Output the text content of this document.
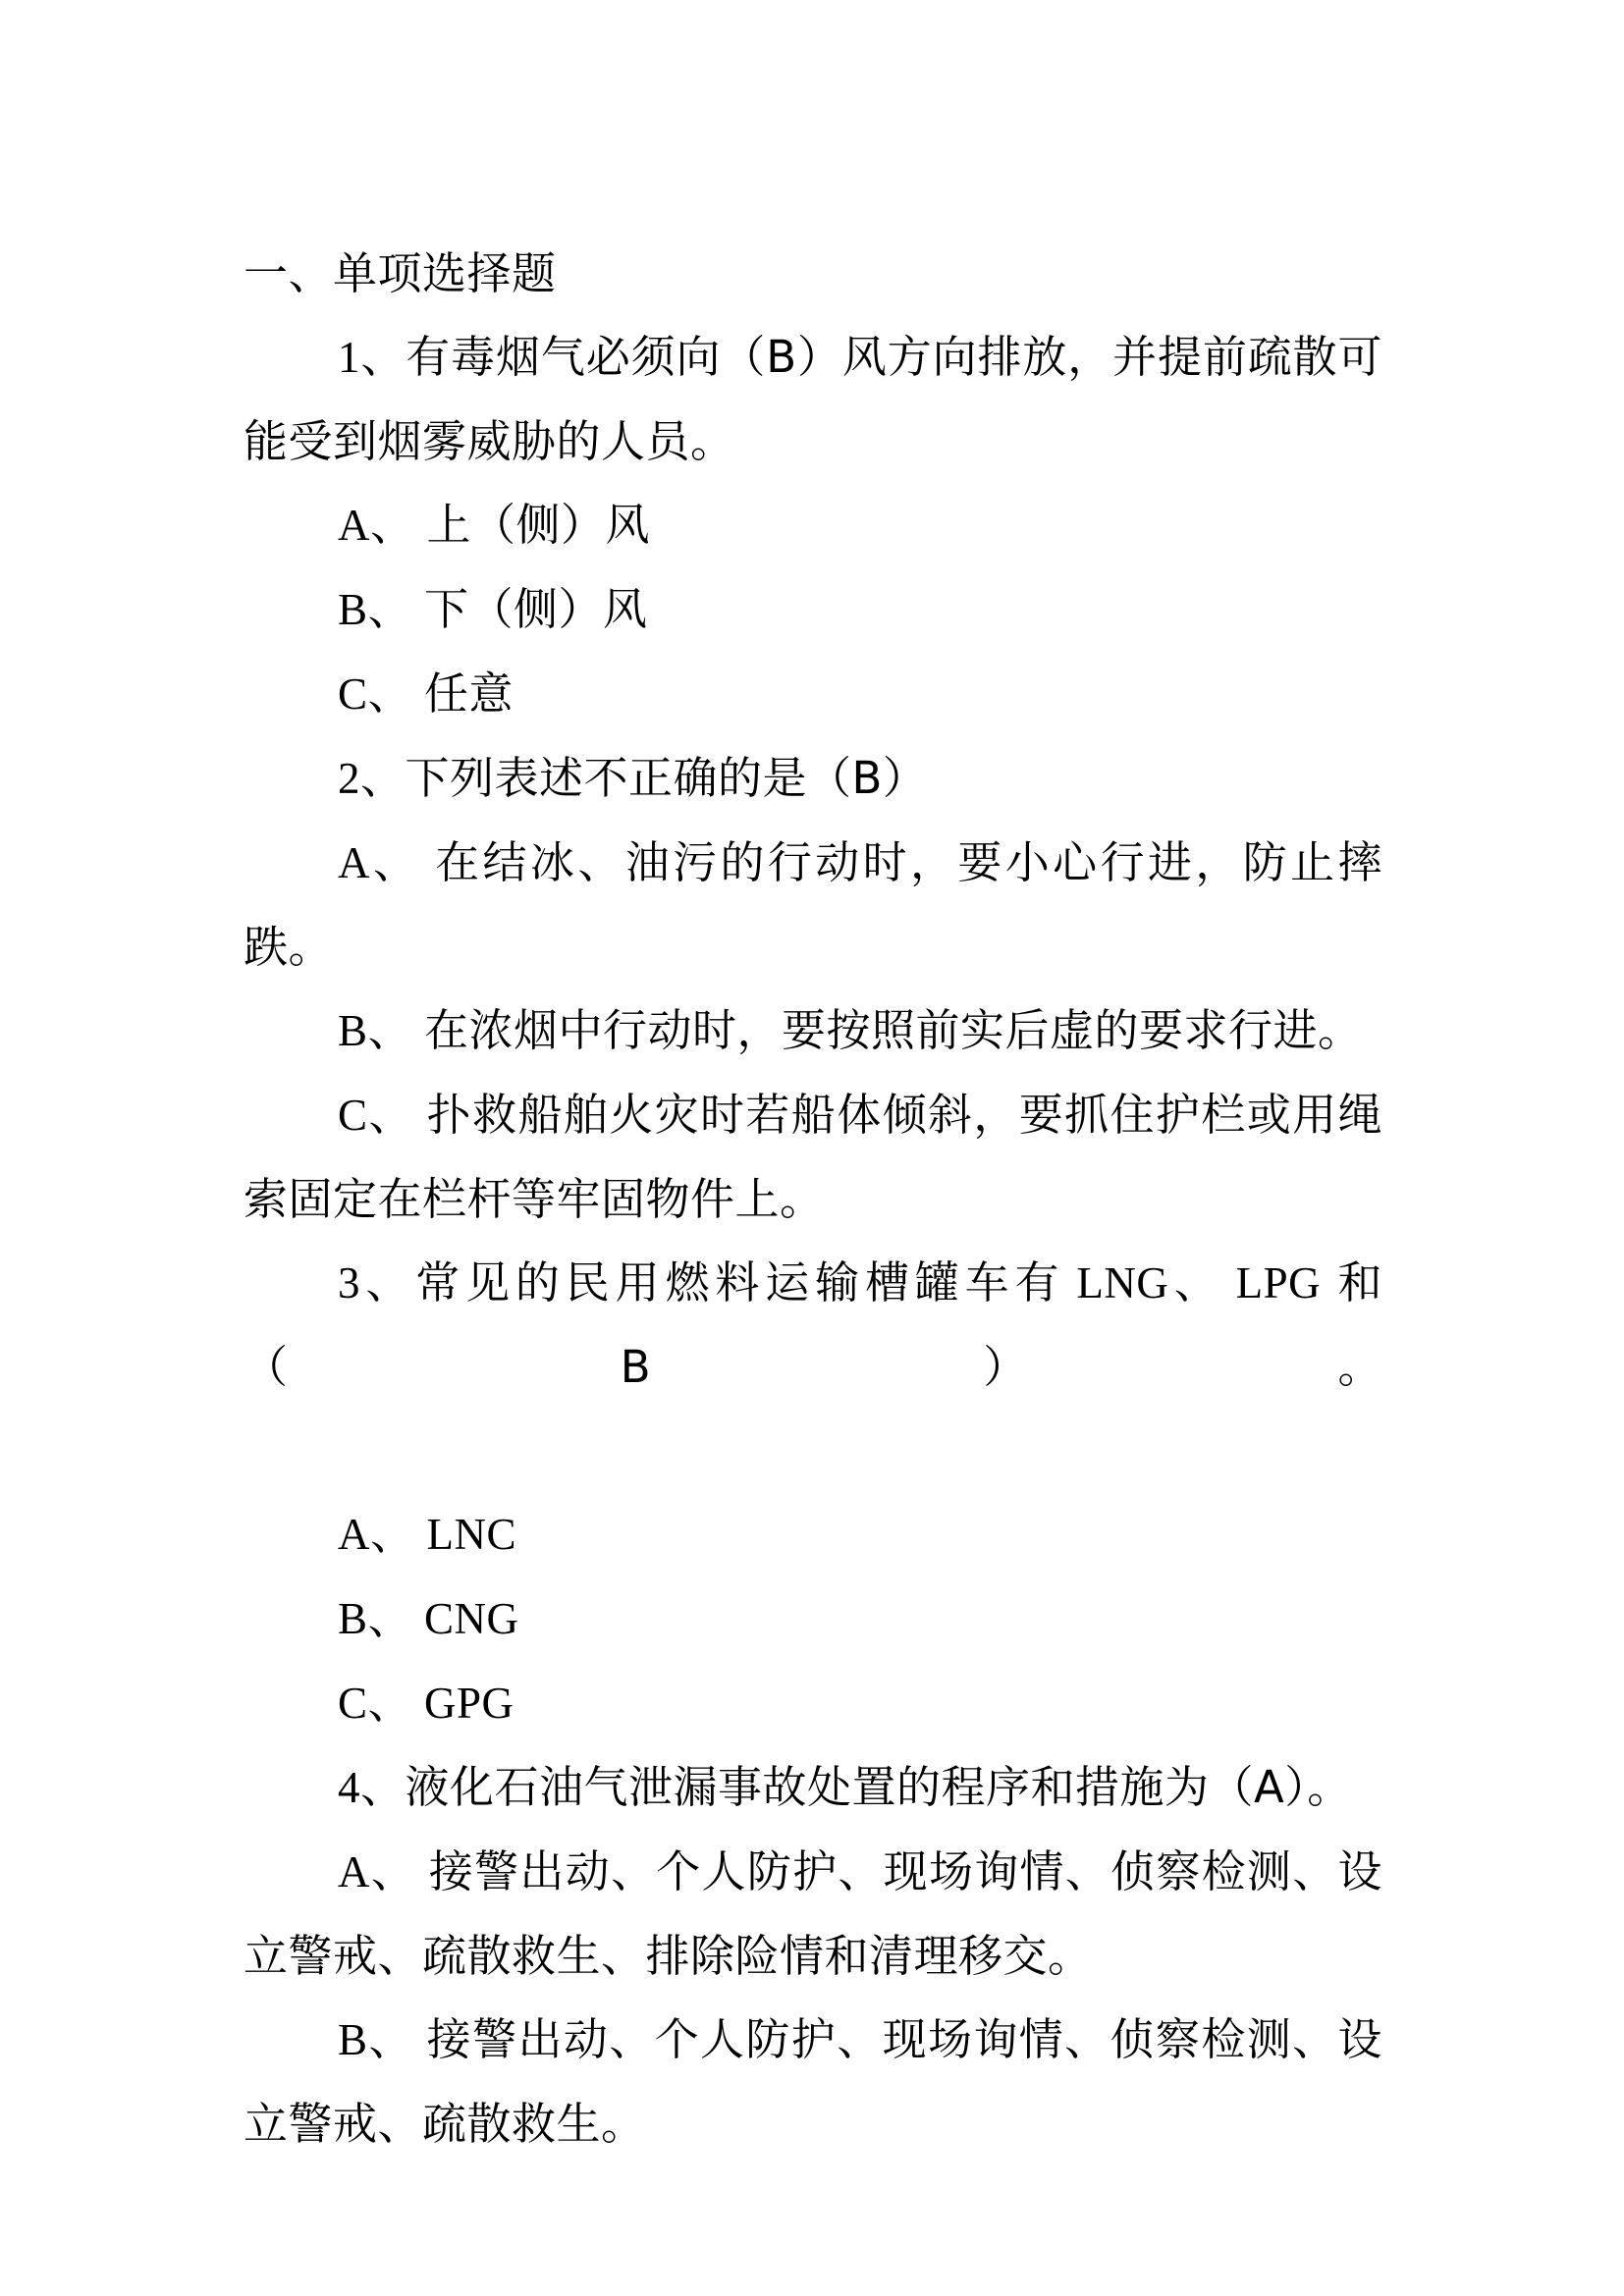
一、单项选择题

1、有毒烟气必须向（B）风方向排放，并提前疏散可能受到烟雾威胁的人员。

A、 上（侧）风

B、 下（侧）风

C、 任意

2、下列表述不正确的是（B）

A、 在结冰、油污的行动时，要小心行进，防止摔跌。

B、 在浓烟中行动时，要按照前实后虚的要求行进。

C、 扑救船舶火灾时若船体倾斜，要抓住护栏或用绳索固定在栏杆等牢固物件上。

3、常见的民用燃料运输槽罐车有 LNG、 LPG 和（B）。

A、 LNC

B、 CNG

C、 GPG

4、液化石油气泄漏事故处置的程序和措施为（A）。

A、 接警出动、个人防护、现场询情、侦察检测、设立警戒、疏散救生、排除险情和清理移交。

B、 接警出动、个人防护、现场询情、侦察检测、设立警戒、疏散救生。
